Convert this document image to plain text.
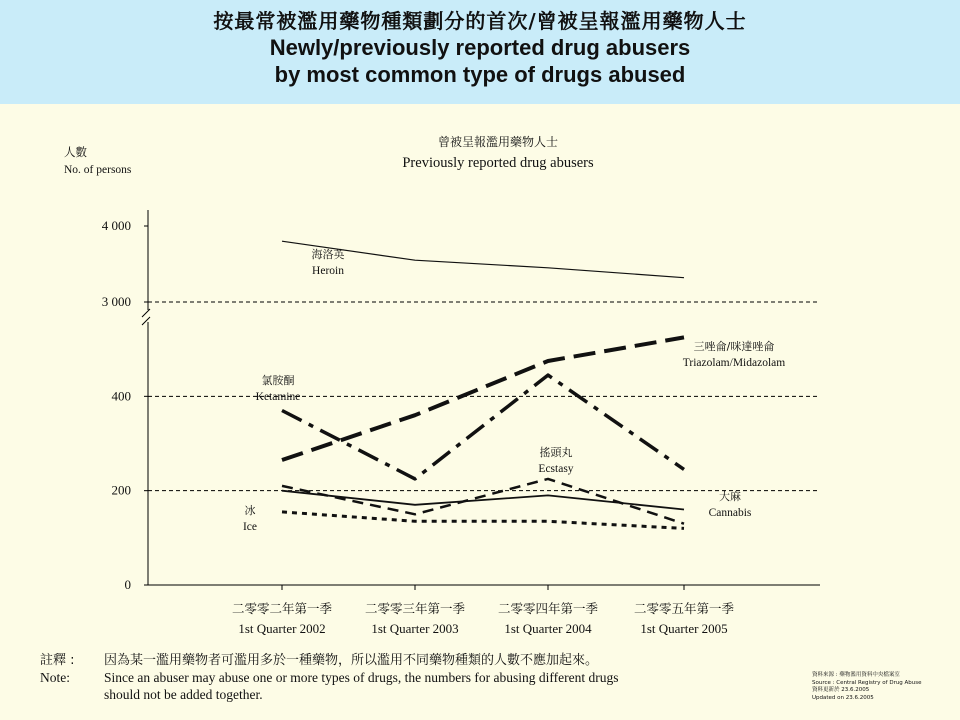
按最常被濫用藥物種類劃分的首次/曾被呈報濫用藥物人士
Newly/previously reported drug abusers
by most common type of drugs abused
0
200
400
3 000
4 000
二零零二年第一季
1st Quarter 2002
二零零三年第一季
1st Quarter 2003
二零零四年第一季
1st Quarter 2004
二零零五年第一季
1st Quarter 2005
曾被呈報濫用藥物人士
Previously reported drug abusers
人數
No. of persons
海洛英
Heroin
三唑侖/咪達唑侖
Triazolam/Midazolam
氯胺酮
Ketamine
搖頭丸
Ecstasy
大麻
Cannabis
冰
Ice
註釋 :	因為某一濫用藥物者可濫用多於一種藥物，所以濫用不同藥物種類的人數不應加起來。
Note:	Since an abuser may abuse one or more types of drugs, the numbers for abusing different drugs
should not be added together.
資料來源 : 藥物濫用資料中央檔案室
Source : Central Registry of Drug Abuse
資料更新於 23.6.2005
Updated on 23.6.2005
